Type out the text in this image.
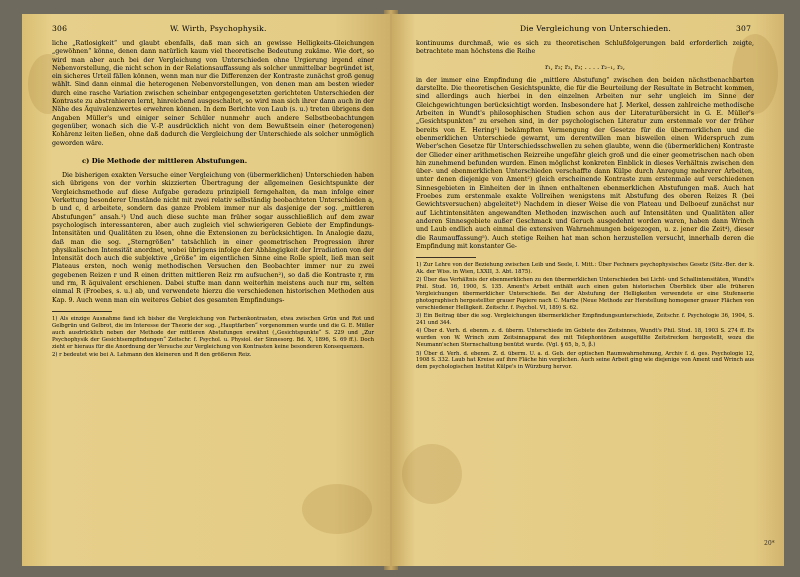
306	W. Wirth, Psychophysik.

liche „Ratlosigkeit“ und glaubt ebenfalls, daß man sich an gewisse Helligkeits-Gleichungen „gewöhnen“ könne, denen dann natürlich kaum viel theoretische Bedeutung zukäme. Wie dort, so wird man aber auch bei der Vergleichung von Unterschieden ohne Urgierung irgend einer Nebenvorstellung, die nicht schon in der Relationsauffassung als solcher unmittelbar begründet ist, ein sicheres Urteil fällen können, wenn man nur die Differenzen der Kontraste zunächst groß genug wählt. Sind dann einmal die heterogenen Nebenvorstellungen, von denen man am besten wieder durch eine rasche Variation zwischen scheinbar entgegengesetzten gerichteten Unterschieden der Kontraste zu abstrahieren lernt, hinreichend ausgeschaltet, so wird man sich ihrer dann auch in der Nähe des Äquivalenzwertes erwehren können. In dem Berichte von Laub (s. u.) treten übrigens den Angaben Müller's und einiger seiner Schüler nunmehr auch andere Selbstbeobachtungen gegenüber, wonach sich die V.-P. ausdrücklich nicht von dem Bewußtsein einer (heterogenen) Kohärenz leiten ließen, ohne daß dadurch die Vergleichung der Unterschiede als solcher unmöglich geworden wäre.

c) Die Methode der mittleren Abstufungen.

Die bisherigen exakten Versuche einer Vergleichung von (übermerklichen) Unterschieden haben sich übrigens von der vorhin skizzierten Übertragung der allgemeinen Gesichtspunkte der Vergleichsmethode auf diese Aufgabe geradezu prinzipiell ferngehalten, da man infolge einer Verkettung besonderer Umstände nicht mit zwei relativ selbständig beobachteten Unterschieden a, b und c, d arbeitete, sondern das ganze Problem immer nur als dasjenige der sog. „mittleren Abstufungen“ ansah.¹) Und auch diese suchte man früher sogar ausschließlich auf dem zwar psychologisch interessanteren, aber auch zugleich viel schwierigeren Gebiete der Empfindungs-Intensitäten und Qualitäten zu lösen, ohne die Extensionen zu berücksichtigen. In Analogie dazu, daß man die sog. „Sterngrößen“ tatsächlich in einer geometrischen Progression ihrer physikalischen Intensität anordnet, wobei übrigens infolge der Abhängigkeit der Irradiation von der Intensität doch auch die subjektive „Größe“ im eigentlichen Sinne eine Rolle spielt, ließ man seit Plateaus ersten, noch wenig methodischen Versuchen den Beobachter immer nur zu zwei gegebenen Reizen r und R einen dritten mittleren Reiz rm aufsuchen²), so daß die Kontraste r, rm und rm, R äquivalent erschienen. Dabei stufte man dann weiterhin meistens auch nur rm, selten einmal R (Froebes, s. u.) ab, und verwendete hierzu die verschiedenen historischen Methoden aus Kap. 9. Auch wenn man ein weiteres Gebiet des gesamten Empfindungs-

1) Als einzige Ausnahme fand ich bisher die Vergleichung von Farbenkontrasten, etwa zwischen Grün und Rot und Gelbgrün und Gelbrot, die im Interesse der Theorie der sog. „Hauptfarben“ vorgenommen wurde und die G. E. Müller auch ausdrücklich neben der Methode der mittleren Abstufungen erwähnt („Gesichtspunkte“ S. 229 und „Zur Psychophysik der Gesichtsempfindungen“ Zeitschr. f. Psychol. u. Physiol. der Sinnesorg. Bd. X, 1896, S. 69 ff.). Doch zieht er hieraus für die Anordnung der Versuche zur Vergleichung von Kontrasten keine besonderen Konsequenzen.

2) r bedeutet wie bei A. Lehmann den kleineren und R den größeren Reiz.

Die Vergleichung von Unterschieden.	307

kontinuums durchmaß, wie es sich zu theoretischen Schlußfolgerungen bald erforderlich zeigte, betrachtete man höchstens die Reihe

r₁, r₂; r₂, r₃; . . . . r₂₋₁, r₂,

in der immer eine Empfindung die „mittlere Abstufung“ zwischen den beiden nächstbenachbarten darstellte. Die theoretischen Gesichtspunkte, die für die Beurteilung der Resultate in Betracht kommen, sind allerdings auch hierbei in den einzelnen Arbeiten nur sehr ungleich im Sinne der Gleichgewichtungen berücksichtigt worden. Insbesondere hat J. Merkel, dessen zahlreiche methodische Arbeiten in Wundt's philosophischen Studien schon aus der Literaturübersicht in G. E. Müller's „Gesichtspunkten“ zu ersehen sind, in der psychologischen Literatur zum erstenmale vor der früher bereits von E. Hering¹) bekämpften Vermengung der Gesetze für die übermerklichen und die ebenmerklichen Unterschiede gewarnt, um derentwillen man bisweilen einen Widerspruch zum Weber'schen Gesetze für Unterschiedsschwellen zu sehen glaubte, wenn die (übermerklichen) Kontraste der Glieder einer arithmetischen Reizreihe ungefähr gleich groß und die einer geometrischen nach oben hin zunehmend befunden wurden. Einen möglichst konkreten Einblick in dieses Verhältnis zwischen den über- und ebenmerklichen Unterschieden verschaffte dann Külpe durch Anregung mehrerer Arbeiten, unter denen diejenige von Ament²) gleich erscheinende Kontraste zum erstenmale auf verschiedenen Sinnesgebieten in Einheiten der in ihnen enthaltenen ebenmerklichen Abstufungen maß. Auch hat Froebes zum erstenmale exakte Vollreihen wenigstens mit Abstufung des oberen Reizes R (bei Gewichtsversuchen) abgeleitet³) Nachdem in dieser Weise die von Plateau und Delboeuf zunächst nur auf Lichtintensitäten angewandten Methoden inzwischen auch auf Intensitäten und Qualitäten aller anderen Sinnesgebiete außer Geschmack und Geruch ausgedehnt worden waren, haben dann Wrinch und Laub endlich auch einmal die extensiven Wahrnehmungen beigezogen, u. z. jener die Zeit⁴), dieser die Raumauffassung⁵). Auch stetige Reihen hat man schon herzustellen versucht, innerhalb deren die Empfindung mit konstanter Ge-

1) Zur Lehre von der Beziehung zwischen Leib und Seele, I. Mitt.: Über Fechners psychophysisches Gesetz (Sitz.-Ber. der k. Ak. der Wiss. in Wien, LXXII, 3. Abt. 1875).

2) Über das Verhältnis der ebenmerklichen zu den übermerklichen Unterschieden bei Licht- und Schallintensitäten, Wundt's Phil. Stud. 16, 1900, S. 135. Ament's Arbeit enthält auch einen guten historischen Überblick über alle früheren Vergleichungen übermerklicher Unterschiede. Bei der Abstufung der Helligkeiten verwendete er eine Stufenserie photographisch hergestellter grauer Papiere nach C. Marbe (Neue Methode zur Herstellung homogener grauer Flächen von verschiedener Helligkeit. Zeitschr. f. Psychol. VI, 189) S. 62.

3) Ein Beitrag über die sog. Vergleichungen übermerklicher Empfindungsunterschiede, Zeitschr. f. Psychologie 36, 1904, S. 241 und 344.

4) Über d. Verh. d. ebenm. z. d. überm. Unterschiede im Gebiete des Zeitsinnes, Wundt's Phil. Stud. 18, 1903 S. 274 ff. Es wurden von W. Wrinch zum Zeitsinnapparat des mit Telephontönen ausgefüllte Zeitstrecken hergestellt, wozu die Neumann'schen Sternschaltung benützt wurde. (Vgl. § 65, b, 5, β.)

5) Über d. Verh. d. ebenm. Z. d. überm. U. a. d. Geb. der optischen Raumwahrnehmung, Archiv f. d. ges. Psychologie 12, 1908 S. 332. Laub hat Kreise auf ihre Fläche hin verglichen. Auch seine Arbeit ging wie diejenige von Ament und Wrinch aus dem psychologischen Institut Külpe's in Würzburg hervor.

20*
